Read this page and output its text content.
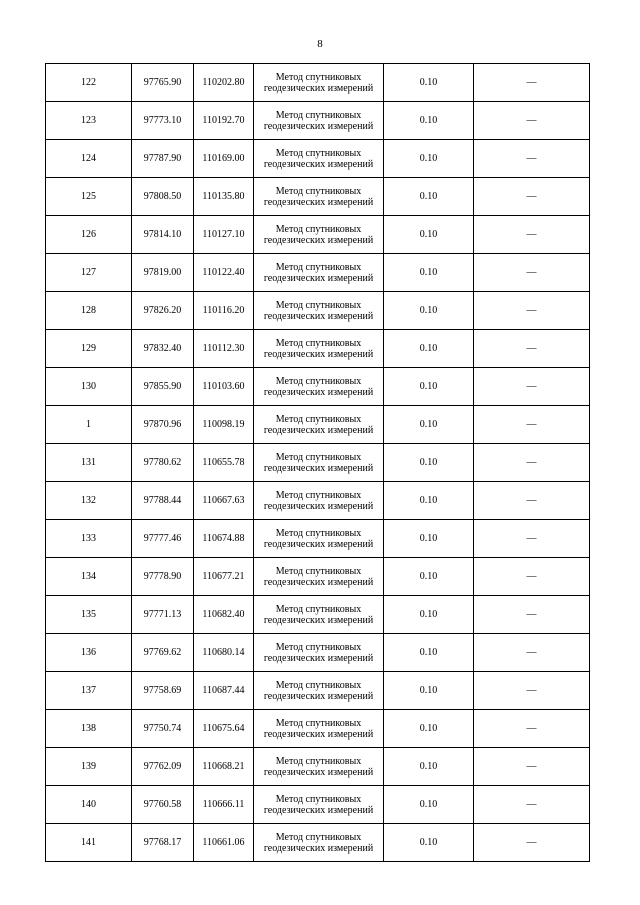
8
122	97765.90	110202.80	Метод спутниковых
геодезических измерений	0.10	—
123	97773.10	110192.70	Метод спутниковых
геодезических измерений	0.10	—
124	97787.90	110169.00	Метод спутниковых
геодезических измерений	0.10	—
125	97808.50	110135.80	Метод спутниковых
геодезических измерений	0.10	—
126	97814.10	110127.10	Метод спутниковых
геодезических измерений	0.10	—
127	97819.00	110122.40	Метод спутниковых
геодезических измерений	0.10	—
128	97826.20	110116.20	Метод спутниковых
геодезических измерений	0.10	—
129	97832.40	110112.30	Метод спутниковых
геодезических измерений	0.10	—
130	97855.90	110103.60	Метод спутниковых
геодезических измерений	0.10	—
1	97870.96	110098.19	Метод спутниковых
геодезических измерений	0.10	—
131	97780.62	110655.78	Метод спутниковых
геодезических измерений	0.10	—
132	97788.44	110667.63	Метод спутниковых
геодезических измерений	0.10	—
133	97777.46	110674.88	Метод спутниковых
геодезических измерений	0.10	—
134	97778.90	110677.21	Метод спутниковых
геодезических измерений	0.10	—
135	97771.13	110682.40	Метод спутниковых
геодезических измерений	0.10	—
136	97769.62	110680.14	Метод спутниковых
геодезических измерений	0.10	—
137	97758.69	110687.44	Метод спутниковых
геодезических измерений	0.10	—
138	97750.74	110675.64	Метод спутниковых
геодезических измерений	0.10	—
139	97762.09	110668.21	Метод спутниковых
геодезических измерений	0.10	—
140	97760.58	110666.11	Метод спутниковых
геодезических измерений	0.10	—
141	97768.17	110661.06	Метод спутниковых
геодезических измерений	0.10	—
